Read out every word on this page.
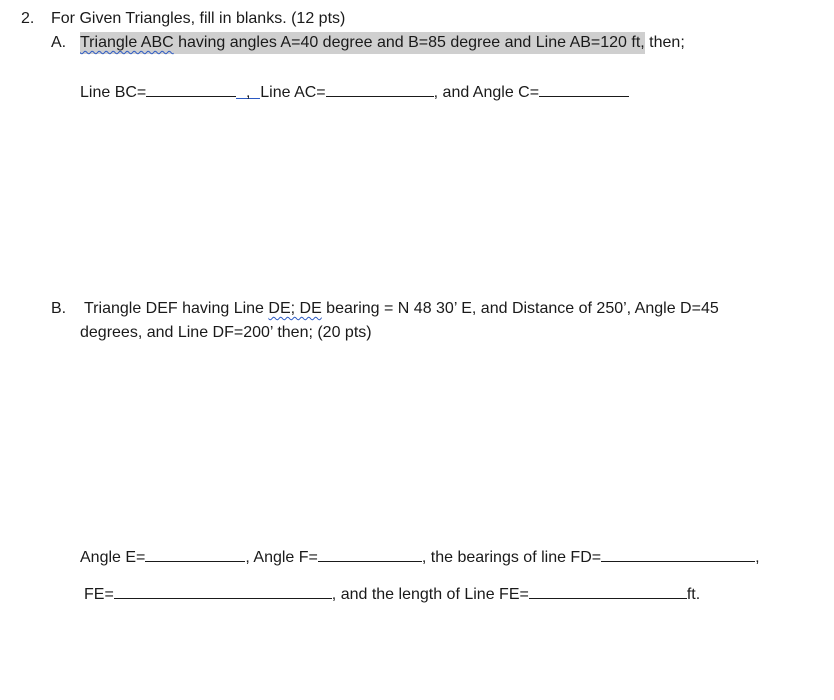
2. For Given Triangles, fill in blanks. (12 pts)
A. Triangle ABC having angles A=40 degree and B=85 degree and Line AB=120 ft, then;
Line BC=	, Line AC=	, and Angle C=
B. Triangle DEF having Line DE; DE bearing = N 48 30’ E, and Distance of 250’, Angle D=45
degrees, and Line DF=200’ then; (20 pts)
Angle E=	, Angle F=	, the bearings of line FD=	,
FE=	, and the length of Line FE=	ft.
